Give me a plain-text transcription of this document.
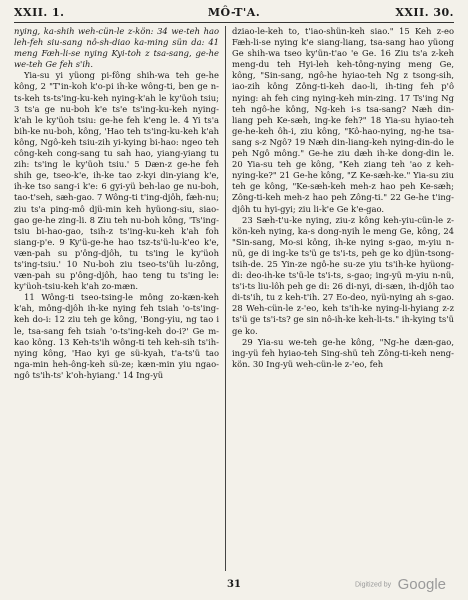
XXII. 1.	MÔ-T'A.	XXII. 30.

nying, ka-shih weh-cün-le z-kön: 34 we-teh hao leh-feh siu-sang nô-sh-diao ka-ming sün da: 41 meng Fæh-li-se nying Kyi-toh z tsa-sang, ge-he we-teh Ge feh s'ih.

Yia-su yi yüong pi-fông shih-wa teh ge-he kông, 2 "T'in-koh k'o-pi ih-ke wông-ti, ben ge n-ts-keh ts-ts'ing-ku-keh nying-k'ah le ky'üoh tsiu; 3 ts'a ge nu-boh k'e ts'e ts'ing-ku-keh nying-k'ah le ky'üoh tsiu: ge-he feh k'eng le. 4 Yi ts'a bih-ke nu-boh, kông, 'Hao teh ts'ing-ku-keh k'ah kông, Ngô-keh tsiu-zih yi-kying bi-hao: ngeo teh công-keh cong-sang tu sah hao, yiang-yiang tu zih: ts'ing le ky'üoh tsiu.' 5 Dæn-z ge-he feh shih ge, tseo-k'e, ih-ke tao z-kyi din-yiang k'e, ih-ke tso sang-i k'e: 6 gyi-yü beh-lao ge nu-boh, tao-t'seh, sæh-gao. 7 Wông-ti t'ing-djôh, fæh-nu; ziu ts'a ping-mô djü-min keh hyüong-siu, siao-gao ge-he zing-li. 8 Ziu teh nu-boh kông, 'Ts'ing-tsiu bi-hao-gao, tsih-z ts'ing-ku-keh k'ah foh siang-p'e. 9 Ky'ü-ge-he hao tsz-ts'ü-lu-k'eo k'e, væn-pah su p'ông-djôh, tu ts'ing le ky'üoh ts'ing-tsiu.' 10 Nu-boh ziu tseo-ts'üh lu-zông, væn-pah su p'ông-djôh, hao teng tu ts'ing le: ky'üoh-tsiu-keh k'ah zo-mæn.

11 Wông-ti tseo-tsing-le mông zo-kæn-keh k'ah, mông-djôh ih-ke nying feh tsiah 'o-ts'ing-keh do-i: 12 ziu teh ge kông, 'Bong-yiu, ng tao i le, tsa-sang feh tsiah 'o-ts'ing-keh do-i?' Ge m-kao kông. 13 Keh-ts'ih wông-ti teh keh-sih ts'ih-nying kông, 'Hao kyi ge sü-kyah, t'a-ts'ü tao nga-min heh-ông-keh sü-ze; kæn-min yiu ngao-ngô ts'ih-ts' k'oh-hyiang.' 14 Ing-yü

dziao-le-keh to, t'iao-shün-keh siao." 15 Keh z-eo Fæh-li-se nying k'e siang-liang, tsa-sang hao yüong Ge shih-wa tseo ky'ün-t'ao 'e Ge. 16 Ziu ts'a z-keh meng-du teh Hyi-leh keh-tông-nying meng Ge, kông, "Sin-sang, ngô-he hyiao-teh Ng z tsong-sih, iao-zih kông Zông-ti-keh dao-li, ih-ting feh p'ô nying: ah feh cing nying-keh min-zing. 17 Ts'ing Ng teh ngô-he kông, Ng-keh i-s tsa-sang? Næh din-liang peh Ke-sæh, ing-ke feh?" 18 Yia-su hyiao-teh ge-he-keh ôh-i, ziu kông, "Kô-hao-nying, ng-he tsa-sang s-z Ngô? 19 Næh din-liang-keh nying-din-do le peh Ngô mông." Ge-he ziu dæh ih-ke dong-din le. 20 Yia-su teh ge kông, "Keh ziang teh 'ao z keh-nying-ke?" 21 Ge-he kông, "Z Ke-sæh-ke." Yia-su ziu teh ge kông, "Ke-sæh-keh meh-z hao peh Ke-sæh; Zông-ti-keh meh-z hao peh Zông-ti." 22 Ge-he t'ing-djôh tu hyi-gyi; ziu li-k'e Ge k'e-gao.

23 Sæh-t'u-ke nying, ziu-z kông keh-yiu-cün-le z-kön-keh nying, ka-s dong-nyih le meng Ge, kông, 24 "Sin-sang, Mo-si kông, ih-ke nying s-gao, m-yiu n-nü, ge di ing-ke ts'ü ge ts'i-ts, peh ge ko djün-tsong-tsih-de. 25 Yin-ze ngô-he su-ze yiu ts'ih-ke hyüong-di: deo-ih-ke ts'ü-le ts'i-ts, s-gao; ing-yü m-yiu n-nü, ts'i-ts liu-lôh peh ge di: 26 di-nyi, di-sæn, ih-djôh tao di-ts'ih, tu z keh-t'ih. 27 Eo-deo, nyü-nying ah s-gao. 28 Weh-cün-le z-'eo, keh ts'ih-ke nying-li-hyiang z-z ts'ü ge ts'i-ts? ge sin nô-ih-ke keh-li-ts." ih-kying ts'ü ge ko.

29 Yia-su we-teh ge-he kông, "Ng-he dæn-gao, ing-yü feh hyiao-teh Sing-shü teh Zông-ti-keh neng-kön. 30 Ing-yü weh-cün-le z-'eo, feh

31	Digitized by Google
